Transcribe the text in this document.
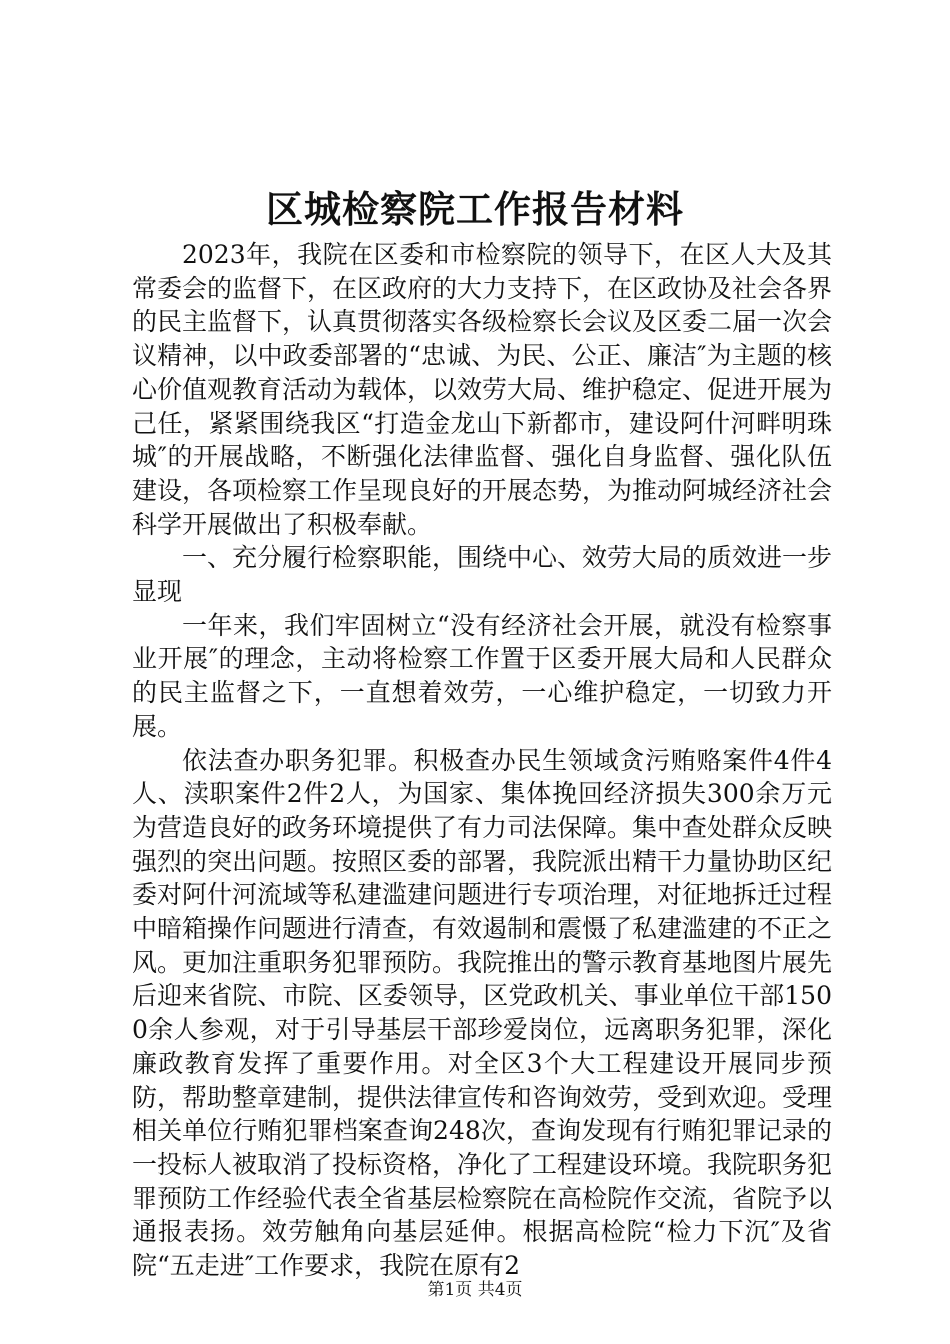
区城检察院工作报告材料

2023年，我院在区委和市检察院的领导下，在区人大及其常委会的监督下，在区政府的大力支持下，在区政协及社会各界的民主监督下，认真贯彻落实各级检察长会议及区委二届一次会议精神，以中政委部署的“忠诚、为民、公正、廉洁″为主题的核心价值观教育活动为载体，以效劳大局、维护稳定、促进开展为己任，紧紧围绕我区“打造金龙山下新都市，建设阿什河畔明珠城″的开展战略，不断强化法律监督、强化自身监督、强化队伍建设，各项检察工作呈现良好的开展态势，为推动阿城经济社会科学开展做出了积极奉献。

一、充分履行检察职能，围绕中心、效劳大局的质效进一步显现

一年来，我们牢固树立“没有经济社会开展，就没有检察事业开展″的理念，主动将检察工作置于区委开展大局和人民群众的民主监督之下，一直想着效劳，一心维护稳定，一切致力开展。

依法查办职务犯罪。积极查办民生领域贪污贿赂案件4件4人、渎职案件2件2人，为国家、集体挽回经济损失300余万元为营造良好的政务环境提供了有力司法保障。集中查处群众反映强烈的突出问题。按照区委的部署，我院派出精干力量协助区纪委对阿什河流域等私建滥建问题进行专项治理，对征地拆迁过程中暗箱操作问题进行清查，有效遏制和震慑了私建滥建的不正之风。更加注重职务犯罪预防。我院推出的警示教育基地图片展先后迎来省院、市院、区委领导，区党政机关、事业单位干部1500余人参观，对于引导基层干部珍爱岗位，远离职务犯罪，深化廉政教育发挥了重要作用。对全区3个大工程建设开展同步预防，帮助整章建制，提供法律宣传和咨询效劳，受到欢迎。受理相关单位行贿犯罪档案查询248次，查询发现有行贿犯罪记录的一投标人被取消了投标资格，净化了工程建设环境。我院职务犯罪预防工作经验代表全省基层检察院在高检院作交流，省院予以通报表扬。效劳触角向基层延伸。根据高检院“检力下沉″及省院“五走进″工作要求，我院在原有2

第1页 共4页
